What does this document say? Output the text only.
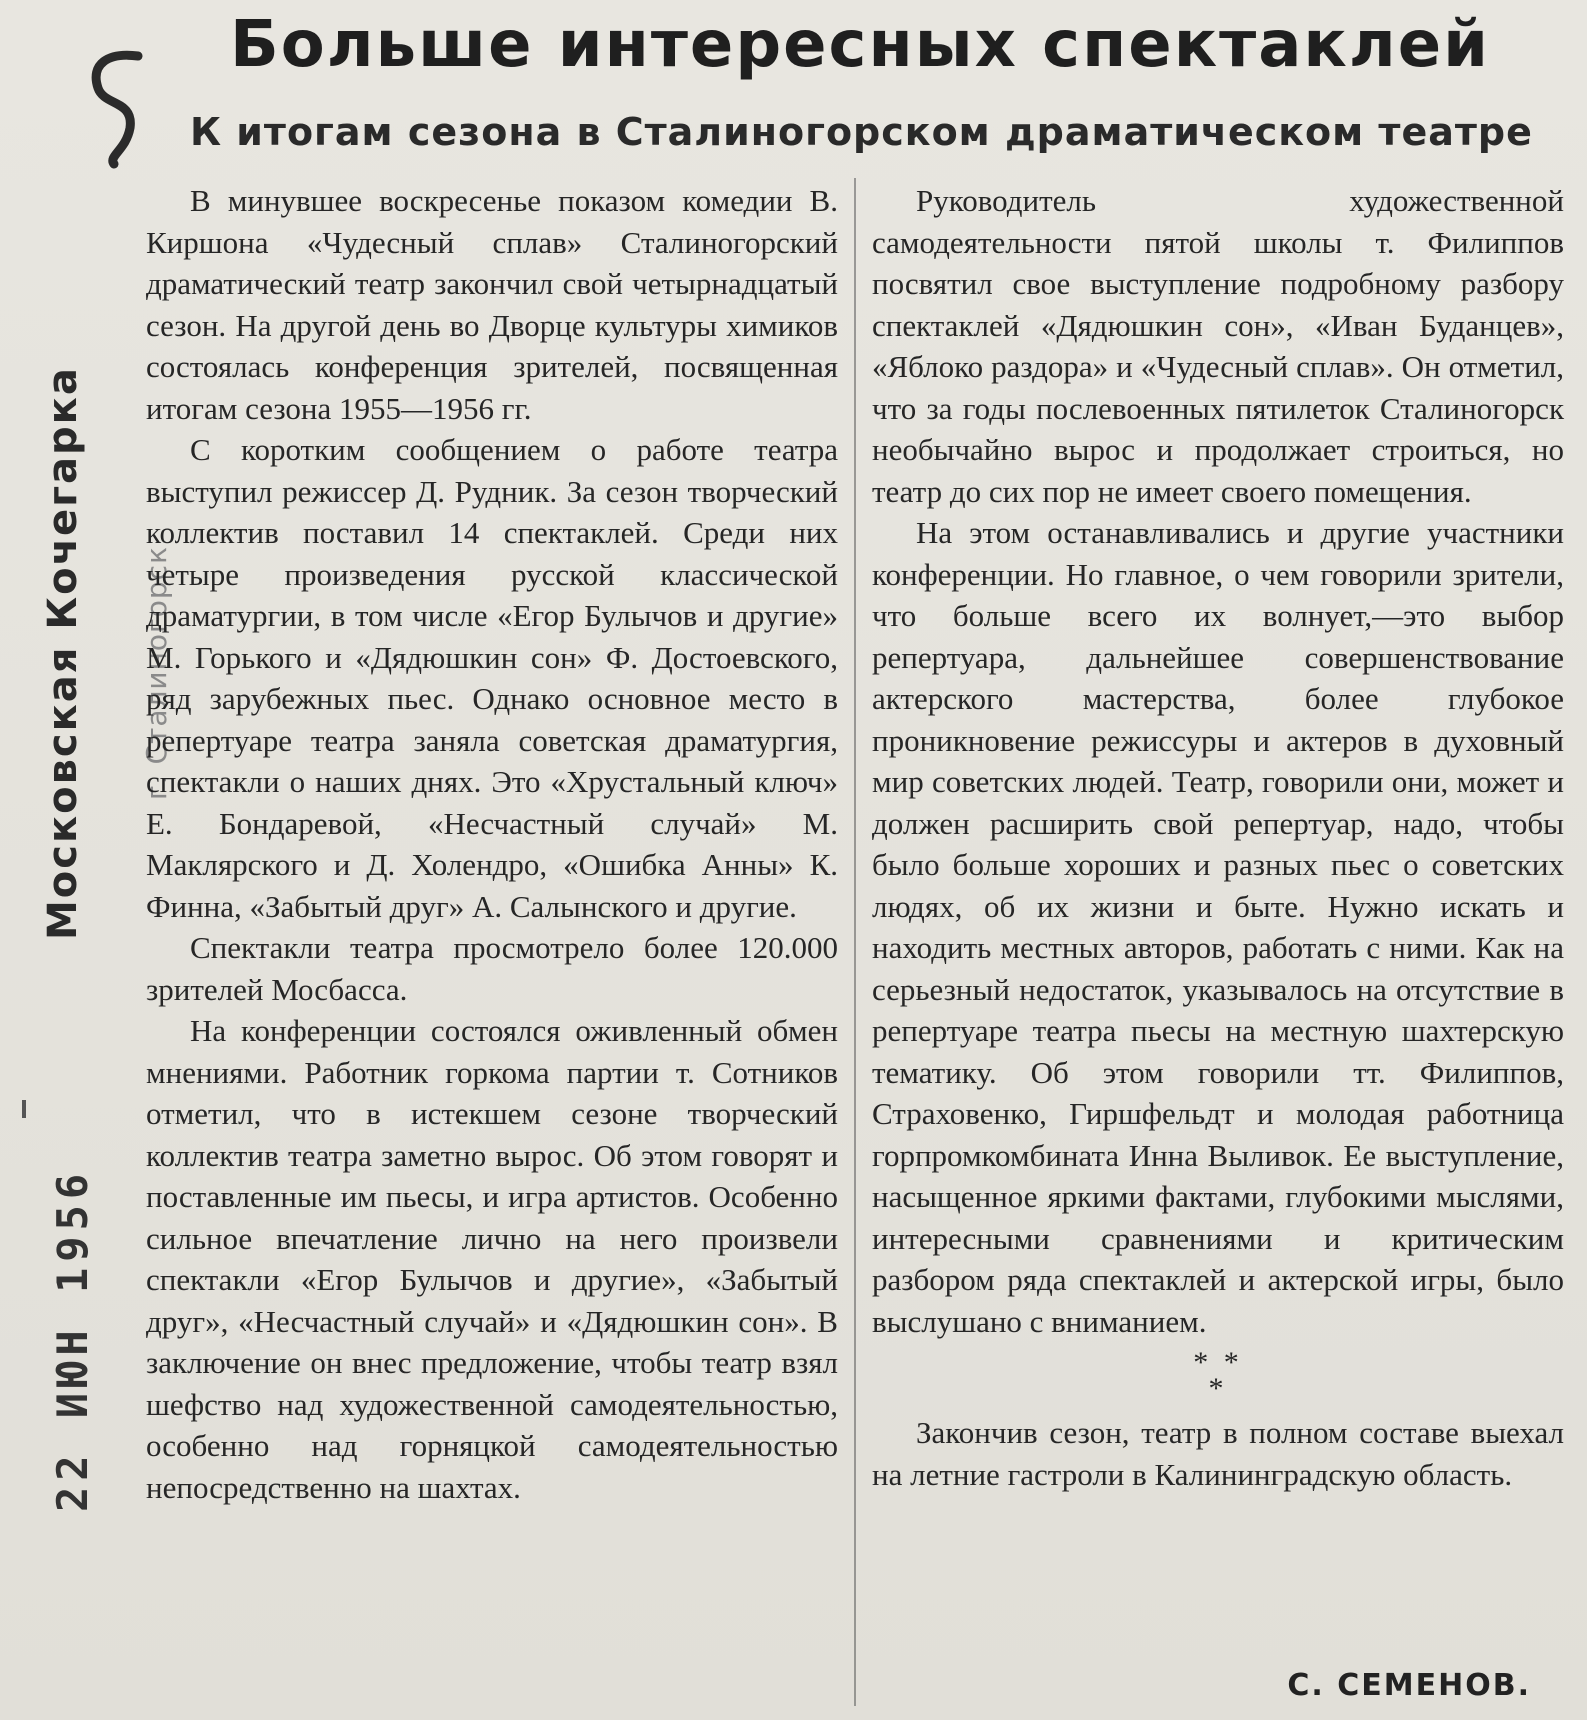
Больше интересных спектаклей
К итогам сезона в Сталиногорском драматическом театре
Московская Кочегарка г. Сталиногорск
22 ИЮН 1956

В минувшее воскресенье показом комедии В. Киршона «Чудесный сплав» Сталиногорский драматический театр закончил свой четырнадцатый сезон. На другой день во Дворце культуры химиков состоялась конференция зрителей, посвященная итогам сезона 1955—1956 гг.

С коротким сообщением о работе театра выступил режиссер Д. Рудник. За сезон творческий коллектив поставил 14 спектаклей. Среди них четыре произведения русской классической драматургии, в том числе «Егор Булычов и другие» М. Горького и «Дядюшкин сон» Ф. Достоевского, ряд зарубежных пьес. Однако основное место в репертуаре театра заняла советская драматургия, спектакли о наших днях. Это «Хрустальный ключ» Е. Бондаревой, «Несчастный случай» М. Маклярского и Д. Холендро, «Ошибка Анны» К. Финна, «Забытый друг» А. Салынского и другие.

Спектакли театра просмотрело более 120.000 зрителей Мосбасса.

На конференции состоялся оживленный обмен мнениями. Работник горкома партии т. Сотников отметил, что в истекшем сезоне творческий коллектив театра заметно вырос. Об этом говорят и поставленные им пьесы, и игра артистов. Особенно сильное впечатление лично на него произвели спектакли «Егор Булычов и другие», «Забытый друг», «Несчастный случай» и «Дядюшкин сон». В заключение он внес предложение, чтобы театр взял шефство над художественной самодеятельностью, особенно над горняцкой самодеятельностью непосредственно на шахтах.

Руководитель художественной самодеятельности пятой школы т. Филиппов посвятил свое выступление подробному разбору спектаклей «Дядюшкин сон», «Иван Буданцев», «Яблоко раздора» и «Чудесный сплав». Он отметил, что за годы послевоенных пятилеток Сталиногорск необычайно вырос и продолжает строиться, но театр до сих пор не имеет своего помещения.

На этом останавливались и другие участники конференции. Но главное, о чем говорили зрители, что больше всего их волнует,—это выбор репертуара, дальнейшее совершенствование актерского мастерства, более глубокое проникновение режиссуры и актеров в духовный мир советских людей. Театр, говорили они, может и должен расширить свой репертуар, надо, чтобы было больше хороших и разных пьес о советских людях, об их жизни и быте. Нужно искать и находить местных авторов, работать с ними. Как на серьезный недостаток, указывалось на отсутствие в репертуаре театра пьесы на местную шахтерскую тематику. Об этом говорили тт. Филиппов, Страховенко, Гиршфельдт и молодая работница горпромкомбината Инна Выливок. Ее выступление, насыщенное яркими фактами, глубокими мыслями, интересными сравнениями и критическим разбором ряда спектаклей и актерской игры, было выслушано с вниманием.

* *
*

Закончив сезон, театр в полном составе выехал на летние гастроли в Калининградскую область.

С. СЕМЕНОВ.
